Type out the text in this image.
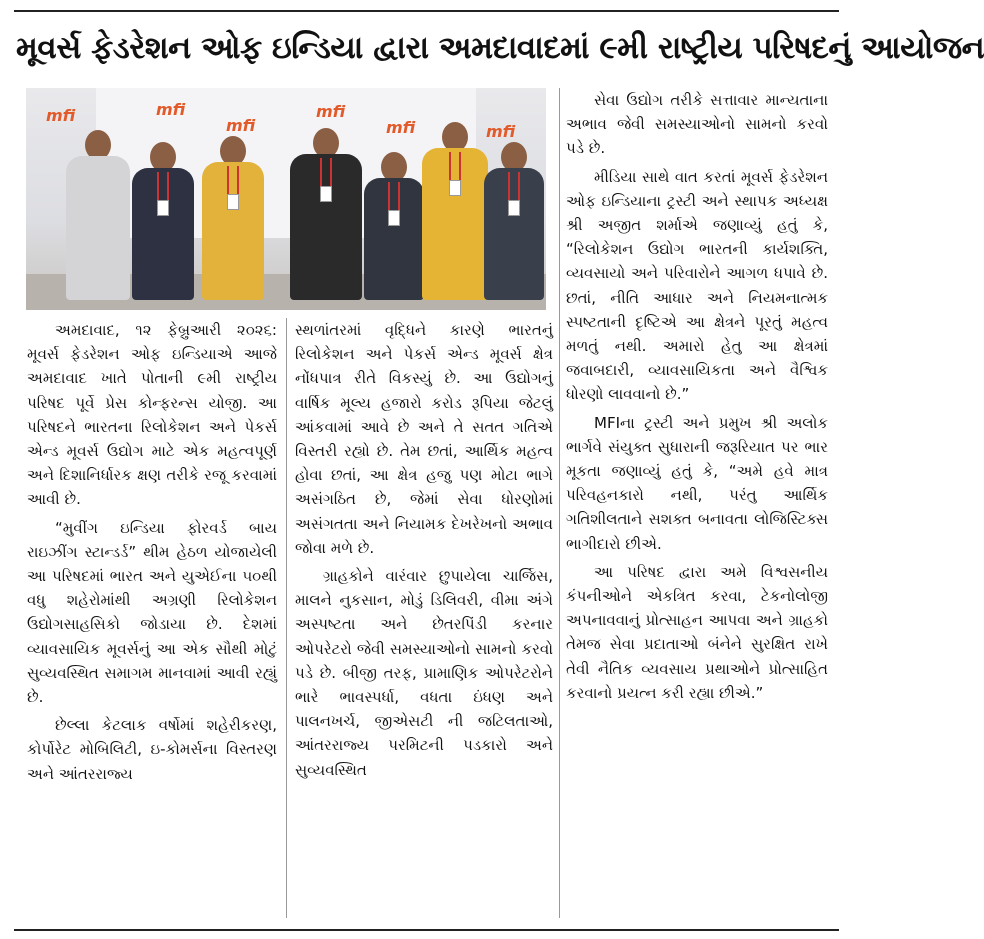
મૂવર્સ ફેડરેશન ઓફ ઇન્ડિયા દ્વારા અમદાવાદમાં ૯મી રાષ્ટ્રીય પરિષદનું આયોજન
mfi	mfi
mfi
mfi
mfi	mfi

અમદાવાદ, ૧૨ ફેબ્રુઆરી ૨૦૨૬: મૂવર્સ ફેડરેશન ઓફ ઇન્ડિયાએ આજે અમદાવાદ ખાતે પોતાની ૯મી રાષ્ટ્રીય પરિષદ પૂર્વે પ્રેસ કોન્ફરન્સ યોજી. આ પરિષદને ભારતના રિલોકેશન અને પેકર્સ એન્ડ મૂવર્સ ઉદ્યોગ માટે એક મહત્વપૂર્ણ અને દિશાનિર્ધારક ક્ષણ તરીકે રજૂ કરવામાં આવી છે.

“મુવીંગ ઇન્ડિયા ફોરવર્ડ બાય રાઇઝીંગ સ્ટાન્ડર્ડ” થીમ હેઠળ યોજાયેલી આ પરિષદમાં ભારત અને યુએઈના ૫૦થી વધુ શહેરોમાંથી અગ્રણી રિલોકેશન ઉદ્યોગસાહસિકો જોડાયા છે. દેશમાં વ્યાવસાયિક મૂવર્સનું આ એક સૌથી મોટું સુવ્યવસ્થિત સમાગમ માનવામાં આવી રહ્યું છે.

છેલ્લા કેટલાક વર્ષોમાં શહેરીકરણ, કોર્પોરેટ મોબિલિટી, ઇ-કોમર્સના વિસ્તરણ અને આંતરરાજ્ય

સ્થળાંતરમાં વૃદ્ધિને કારણે ભારતનું રિલોકેશન અને પેકર્સ એન્ડ મૂવર્સ ક્ષેત્ર નોંધપાત્ર રીતે વિકસ્યું છે. આ ઉદ્યોગનું વાર્ષિક મૂલ્ય હજારો કરોડ રૂપિયા જેટલું આંકવામાં આવે છે અને તે સતત ગતિએ વિસ્તરી રહ્યો છે. તેમ છતાં, આર્થિક મહત્વ હોવા છતાં, આ ક્ષેત્ર હજુ પણ મોટા ભાગે અસંગઠિત છે, જેમાં સેવા ધોરણોમાં અસંગતતા અને નિયામક દેખરેખનો અભાવ જોવા મળે છે.

ગ્રાહકોને વારંવાર છુપાયેલા ચાર્જિસ, માલને નુકસાન, મોડું ડિલિવરી, વીમા અંગે અસ્પષ્ટતા અને છેતરપિંડી કરનાર ઓપરેટરો જેવી સમસ્યાઓનો સામનો કરવો પડે છે. બીજી તરફ, પ્રામાણિક ઓપરેટરોને ભારે ભાવસ્પર્ધા, વધતા ઇંધણ અને પાલનખર્ચ, જીએસટી ની જટિલતાઓ, આંતરરાજ્ય પરમિટની પડકારો અને સુવ્યવસ્થિત

સેવા ઉદ્યોગ તરીકે સત્તાવાર માન્યતાના અભાવ જેવી સમસ્યાઓનો સામનો કરવો પડે છે.

મીડિયા સાથે વાત કરતાં મૂવર્સ ફેડરેશન ઓફ ઇન્ડિયાના ટ્રસ્ટી અને સ્થાપક અધ્યક્ષ શ્રી અજીત શર્માએ જણાવ્યું હતું કે, “રિલોકેશન ઉદ્યોગ ભારતની કાર્યશક્તિ, વ્યવસાયો અને પરિવારોને આગળ ધપાવે છે. છતાં, નીતિ આધાર અને નિયમનાત્મક સ્પષ્ટતાની દૃષ્ટિએ આ ક્ષેત્રને પૂરતું મહત્વ મળતું નથી. અમારો હેતુ આ ક્ષેત્રમાં જવાબદારી, વ્યાવસાયિકતા અને વૈશ્વિક ધોરણો લાવવાનો છે.”

MFIના ટ્રસ્ટી અને પ્રમુખ શ્રી અલોક ભાર્ગવે સંયુક્ત સુધારાની જરૂરિયાત પર ભાર મૂકતા જણાવ્યું હતું કે, “અમે હવે માત્ર પરિવહનકારો નથી, પરંતુ આર્થિક ગતિશીલતાને સશક્ત બનાવતા લોજિસ્ટિક્સ ભાગીદારો છીએ.

આ પરિષદ દ્વારા અમે વિશ્વસનીય કંપનીઓને એકત્રિત કરવા, ટેકનોલોજી અપનાવવાનું પ્રોત્સાહન આપવા અને ગ્રાહકો તેમજ સેવા પ્રદાતાઓ બંનેને સુરક્ષિત રાખે તેવી નૈતિક વ્યવસાય પ્રથાઓને પ્રોત્સાહિત કરવાનો પ્રયત્ન કરી રહ્યા છીએ.”
